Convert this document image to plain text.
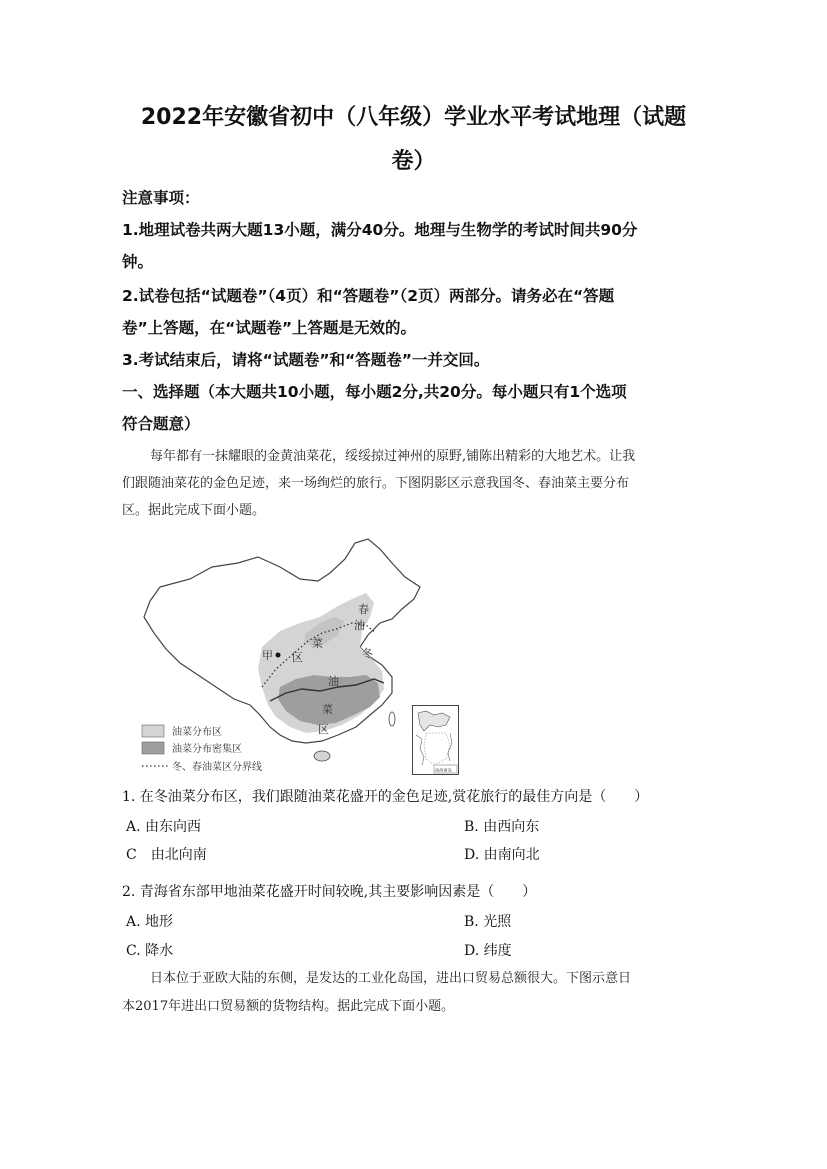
2022年安徽省初中（八年级）学业水平考试地理（试题
卷）
注意事项：
1.地理试卷共两大题13小题，满分40分。地理与生物学的考试时间共90分
钟。
2.试卷包括“试题卷”（4页）和“答题卷”（2页）两部分。请务必在“答题
卷”上答题，在“试题卷”上答题是无效的。
3.考试结束后，请将“试题卷”和“答题卷”一并交回。
一、选择题（本大题共10小题，每小题2分,共20分。每小题只有1个选项
符合题意）
每年都有一抹耀眼的金黄油菜花，绥绥掠过神州的原野,铺陈出精彩的大地艺术。让我
们跟随油菜花的金色足迹，来一场绚烂的旅行。下图阴影区示意我国冬、春油菜主要分布
区。据此完成下面小题。
春
油
菜
甲 区	冬
油
菜
区
油菜分布区
油菜分布密集区
冬、春油菜区分界线	南海诸岛
1. 在冬油菜分布区，我们跟随油菜花盛开的金色足迹,赏花旅行的最佳方向是（　　）
A. 由东向西	B. 由西向东
C　由北向南	D. 由南向北
2. 青海省东部甲地油菜花盛开时间较晚,其主要影响因素是（　　）
A. 地形	B. 光照
C. 降水	D. 纬度
日本位于亚欧大陆的东侧，是发达的工业化岛国，进出口贸易总额很大。下图示意日
本2017年进出口贸易额的货物结构。据此完成下面小题。
